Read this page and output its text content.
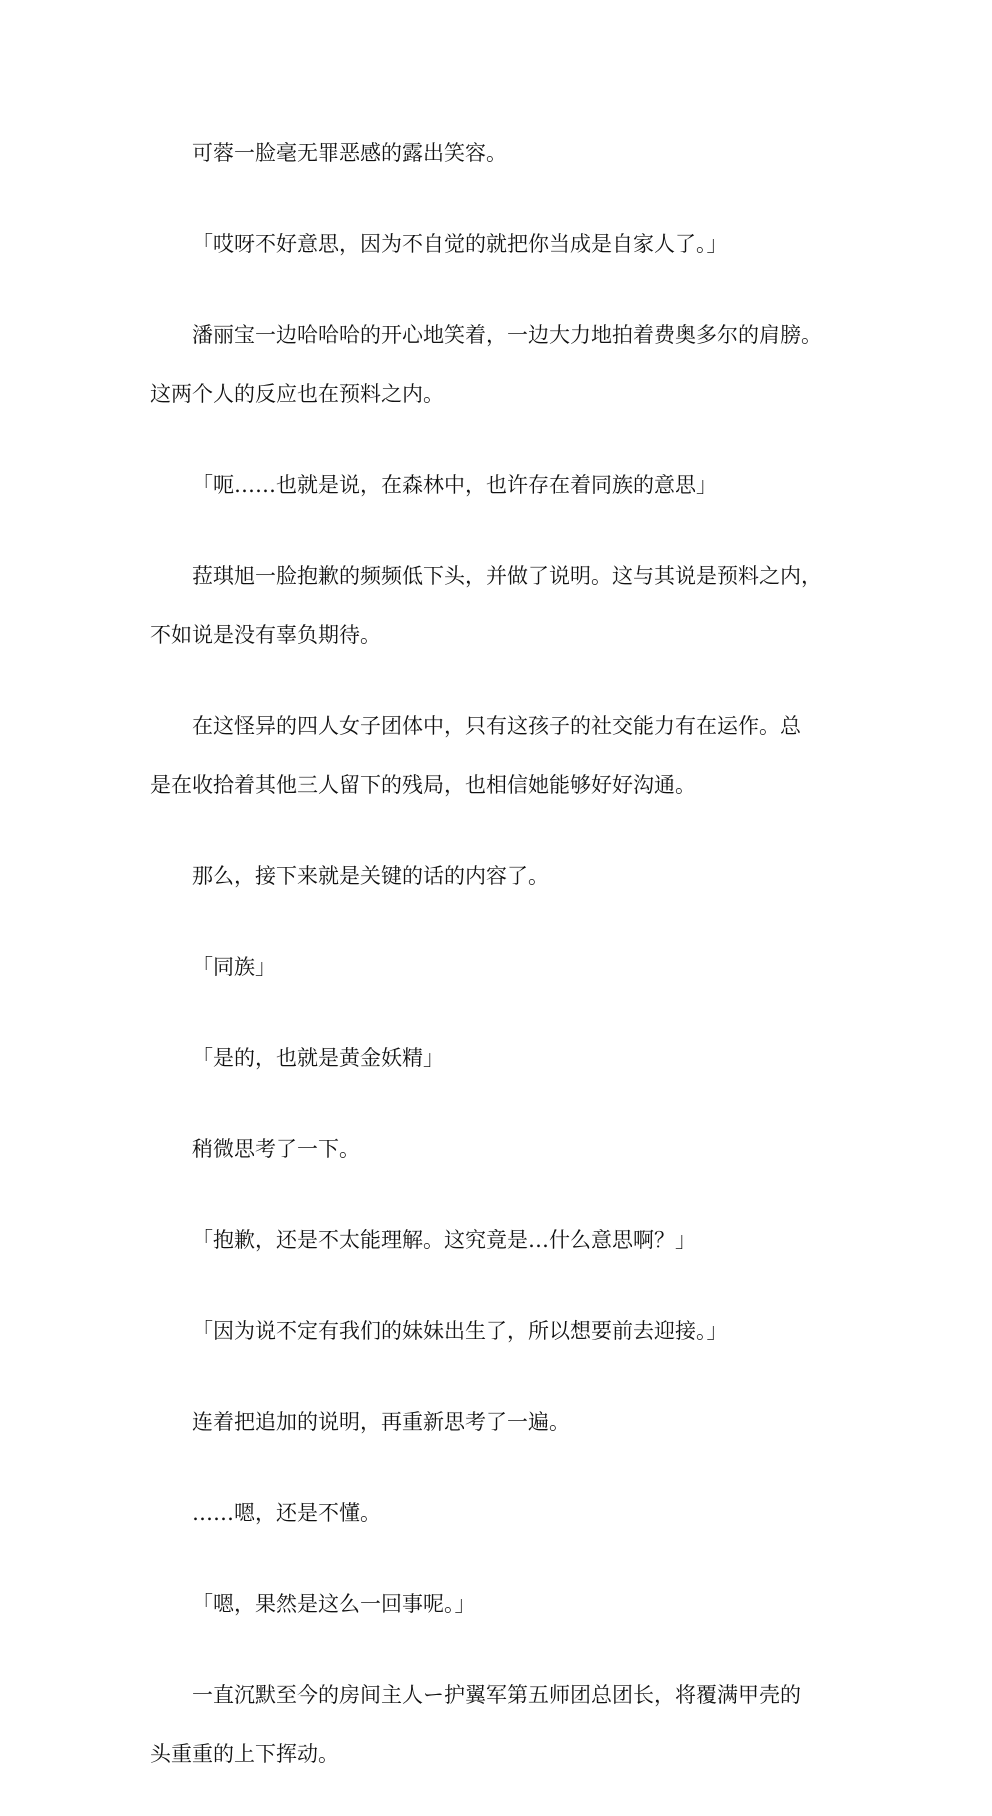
可蓉一脸毫无罪恶感的露出笑容。
「哎呀不好意思，因为不自觉的就把你当成是自家人了。」
潘丽宝一边哈哈哈的开心地笑着，一边大力地拍着费奥多尔的肩膀。
这两个人的反应也在预料之内。
「呃……也就是说，在森林中，也许存在着同族的意思」
菈琪旭一脸抱歉的频频低下头，并做了说明。这与其说是预料之内，
不如说是没有辜负期待。
在这怪异的四人女子团体中，只有这孩子的社交能力有在运作。总
是在收拾着其他三人留下的残局，也相信她能够好好沟通。
那么，接下来就是关键的话的内容了。
「同族」
「是的，也就是黄金妖精」
稍微思考了一下。
「抱歉，还是不太能理解。这究竟是…什么意思啊？」
「因为说不定有我们的妹妹出生了，所以想要前去迎接。」
连着把追加的说明，再重新思考了一遍。
……嗯，还是不懂。
「嗯，果然是这么一回事呢。」
一直沉默至今的房间主人ー护翼军第五师团总团长，将覆满甲壳的
头重重的上下挥动。
